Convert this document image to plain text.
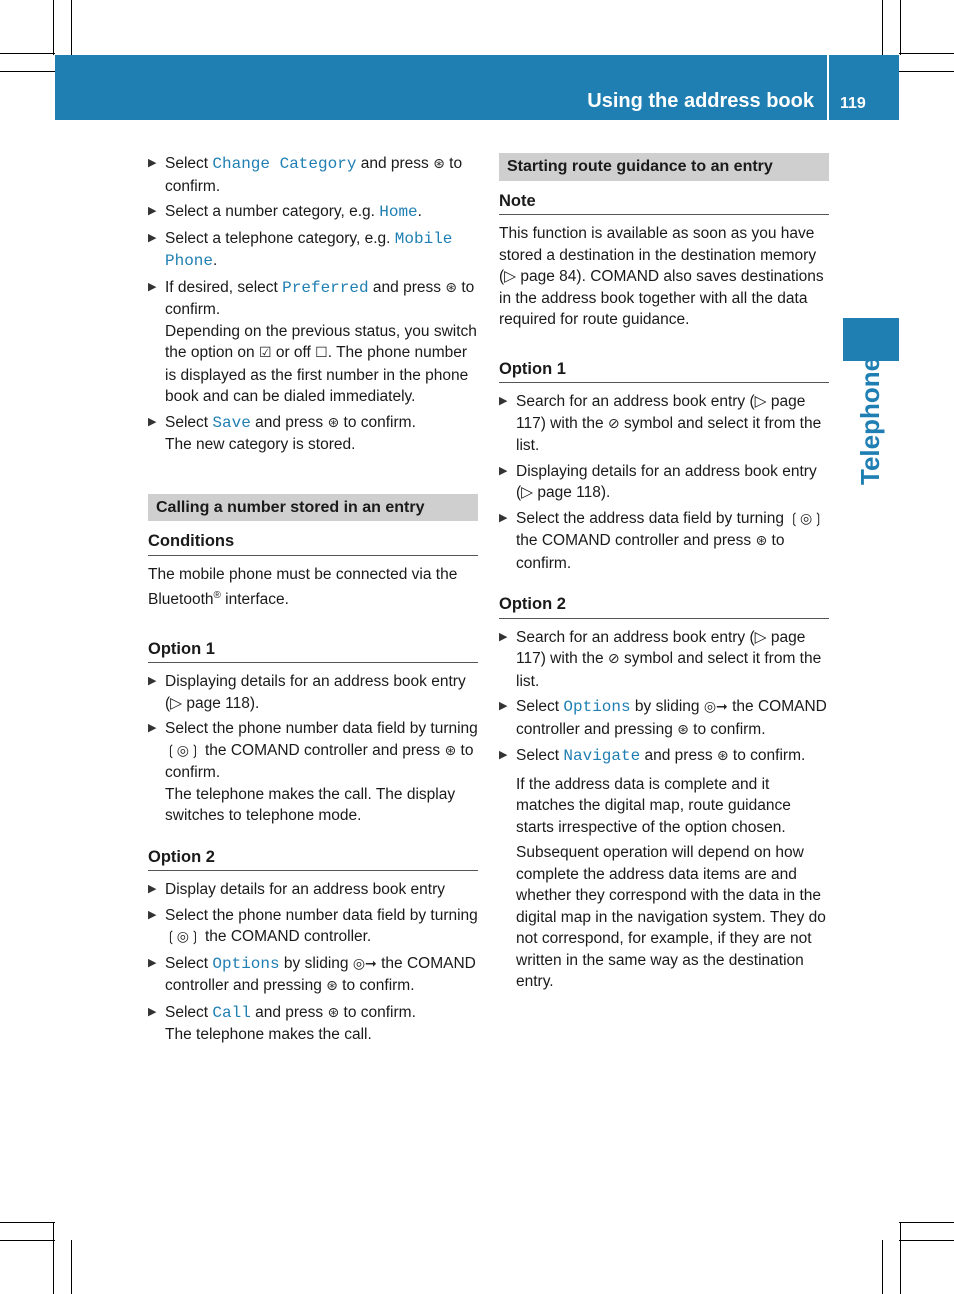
Using the address book 119
Telephone
▶ Select Change Category and press ⊛ to confirm.

▶ Select a number category, e.g. Home.

▶ Select a telephone category, e.g. Mobile Phone.

▶ If desired, select Preferred and press ⊛ to confirm.

Depending on the previous status, you switch the option on ☑ or off ☐. The phone number is displayed as the first number in the phone book and can be dialed immediately.

▶ Select Save and press ⊛ to confirm.

The new category is stored.

Calling a number stored in an entry
Conditions

The mobile phone must be connected via the Bluetooth® interface.

Option 1
▶ Displaying details for an address book entry (▷ page 118).

▶ Select the phone number data field by turning ❲◎❳ the COMAND controller and press ⊛ to confirm.

The telephone makes the call. The display switches to telephone mode.

Option 2
▶ Display details for an address book entry

▶ Select the phone number data field by turning ❲◎❳ the COMAND controller.

▶ Select Options by sliding ◎➞ the COMAND controller and pressing ⊛ to confirm.

▶ Select Call and press ⊛ to confirm.

The telephone makes the call.

Starting route guidance to an entry
Note

This function is available as soon as you have stored a destination in the destination memory (▷ page 84). COMAND also saves destinations in the address book together with all the data required for route guidance.

Option 1
▶ Search for an address book entry (▷ page 117) with the ⊘ symbol and select it from the list.

▶ Displaying details for an address book entry (▷ page 118).

▶ Select the address data field by turning ❲◎❳ the COMAND controller and press ⊛ to confirm.

Option 2
▶ Search for an address book entry (▷ page 117) with the ⊘ symbol and select it from the list.

▶ Select Options by sliding ◎➞ the COMAND controller and pressing ⊛ to confirm.

▶ Select Navigate and press ⊛ to confirm.

If the address data is complete and it matches the digital map, route guidance starts irrespective of the option chosen.

Subsequent operation will depend on how complete the address data items are and whether they correspond with the data in the digital map in the navigation system. They do not correspond, for example, if they are not written in the same way as the destination entry.
